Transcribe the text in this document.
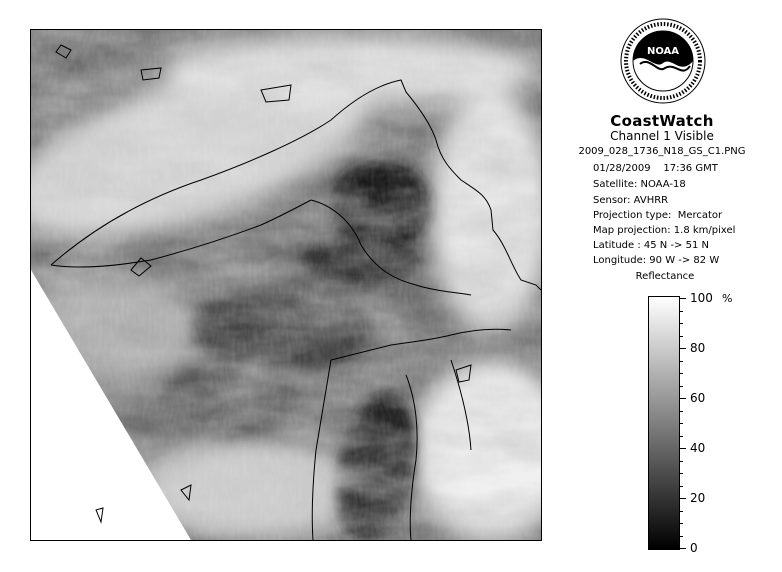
NOAA
CoastWatch
Channel 1 Visible
2009_028_1736_N18_GS_C1.PNG
01/28/2009    17:36 GMT
Satellite: NOAA-18
Sensor: AVHRR
Projection type:  Mercator
Map projection: 1.8 km/pixel
Latitude : 45 N -> 51 N
Longitude: 90 W -> 82 W
Reflectance
%
100
80
60
40
20
0
